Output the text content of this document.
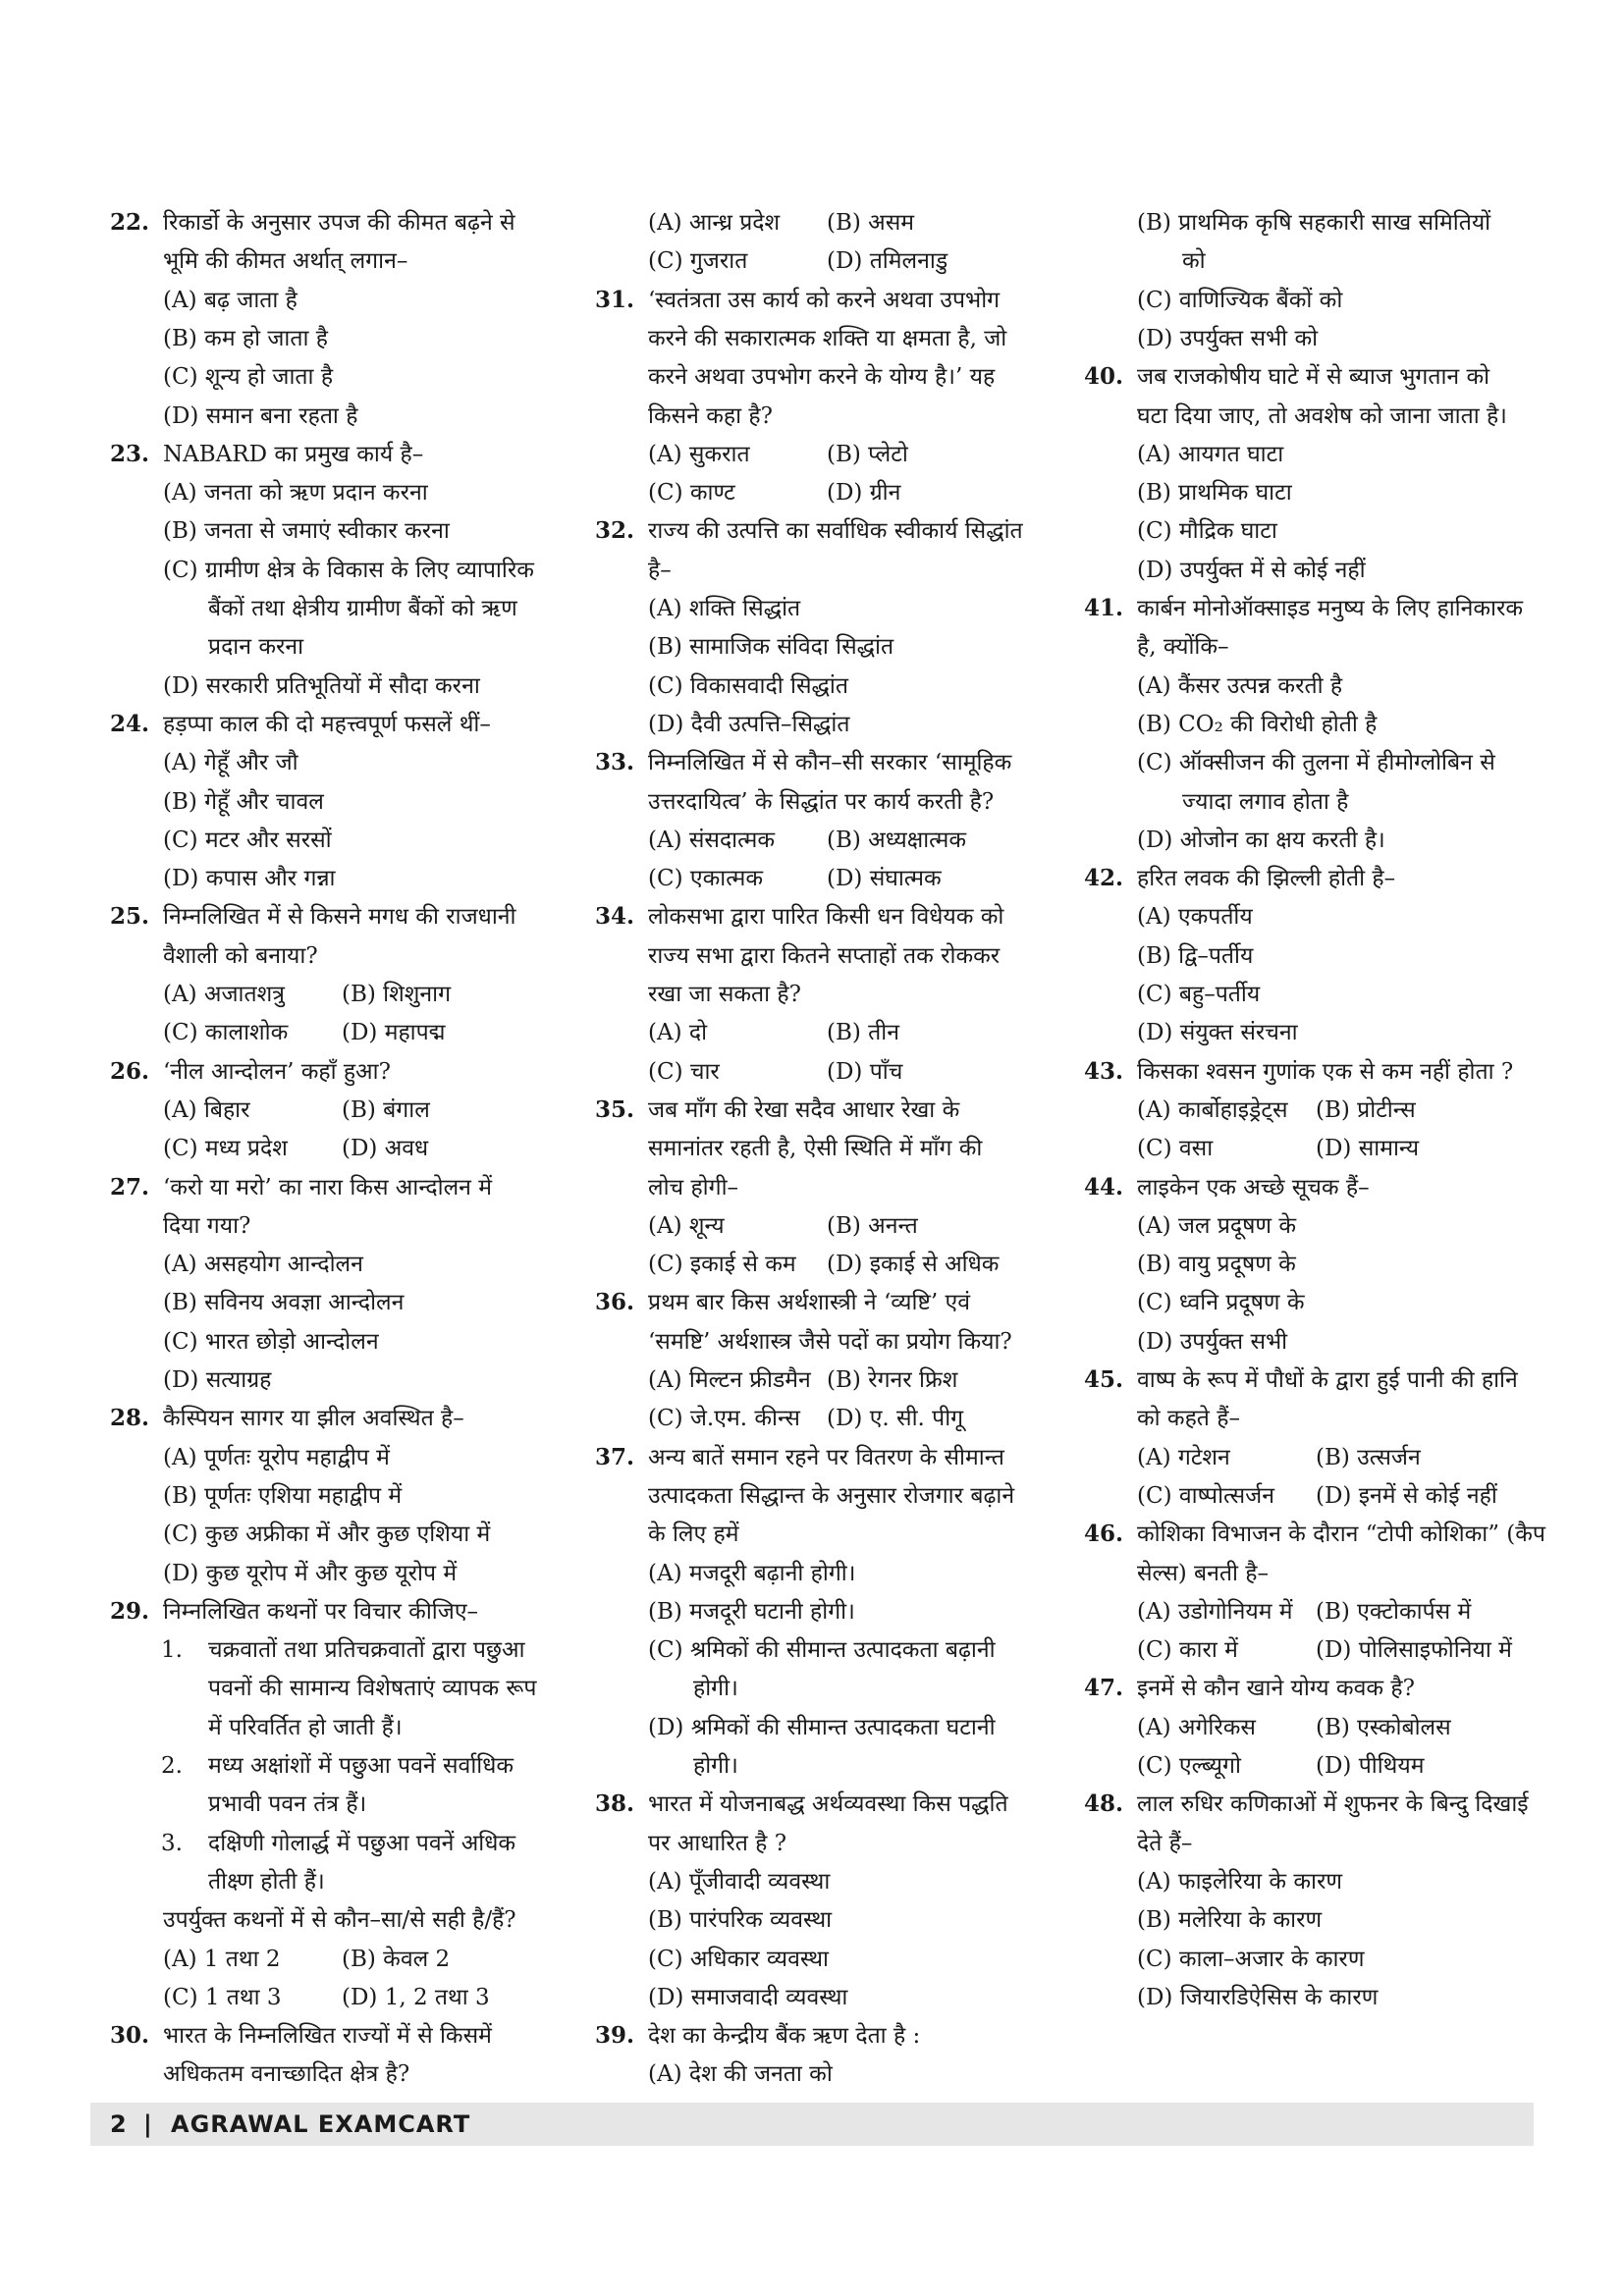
22. रिकार्डो के अनुसार उपज की कीमत बढ़ने से
भूमि की कीमत अर्थात् लगान–
(A) बढ़ जाता है
(B) कम हो जाता है
(C) शून्य हो जाता है
(D) समान बना रहता है
23. NABARD का प्रमुख कार्य है–
(A) जनता को ऋण प्रदान करना
(B) जनता से जमाएं स्वीकार करना
(C) ग्रामीण क्षेत्र के विकास के लिए व्यापारिक
बैंकों तथा क्षेत्रीय ग्रामीण बैंकों को ऋण
प्रदान करना
(D) सरकारी प्रतिभूतियों में सौदा करना
24. हड़प्पा काल की दो महत्त्वपूर्ण फसलें थीं–
(A) गेहूँ और जौ
(B) गेहूँ और चावल
(C) मटर और सरसों
(D) कपास और गन्ना
25. निम्नलिखित में से किसने मगध की राजधानी
वैशाली को बनाया?
(A) अजातशत्रु	(B) शिशुनाग
(C) कालाशोक (D) महापद्म
26. ‘नील आन्दोलन’ कहाँ हुआ?
(A) बिहार	(B) बंगाल
(C) मध्य प्रदेश (D) अवध
27. ‘करो या मरो’ का नारा किस आन्दोलन में
दिया गया?
(A) असहयोग आन्दोलन
(B) सविनय अवज्ञा आन्दोलन
(C) भारत छोड़ो आन्दोलन
(D) सत्याग्रह
28. कैस्पियन सागर या झील अवस्थित है–
(A) पूर्णतः यूरोप महाद्वीप में
(B) पूर्णतः एशिया महाद्वीप में
(C) कुछ अफ्रीका में और कुछ एशिया में
(D) कुछ यूरोप में और कुछ यूरोप में
29. निम्नलिखित कथनों पर विचार कीजिए–
1. चक्रवातों तथा प्रतिचक्रवातों द्वारा पछुआ
पवनों की सामान्य विशेषताएं व्यापक रूप
में परिवर्तित हो जाती हैं।
2. मध्य अक्षांशों में पछुआ पवनें सर्वाधिक
प्रभावी पवन तंत्र हैं।
3. दक्षिणी गोलार्द्ध में पछुआ पवनें अधिक
तीक्ष्ण होती हैं।
उपर्युक्त कथनों में से कौन–सा/से सही है/हैं?
(A) 1 तथा 2	(B) केवल 2
(C) 1 तथा 3	(D) 1, 2 तथा 3
30. भारत के निम्नलिखित राज्यों में से किसमें
अधिकतम वनाच्छादित क्षेत्र है?
(A) आन्ध्र प्रदेश (B) असम
(C) गुजरात	(D) तमिलनाडु
31. ‘स्वतंत्रता उस कार्य को करने अथवा उपभोग
करने की सकारात्मक शक्ति या क्षमता है, जो
करने अथवा उपभोग करने के योग्य है।’ यह
किसने कहा है?
(A) सुकरात	(B) प्लेटो
(C) काण्ट	(D) ग्रीन
32. राज्य की उत्पत्ति का सर्वाधिक स्वीकार्य सिद्धांत
है–
(A) शक्ति सिद्धांत
(B) सामाजिक संविदा सिद्धांत
(C) विकासवादी सिद्धांत
(D) दैवी उत्पत्ति–सिद्धांत
33. निम्नलिखित में से कौन–सी सरकार ‘सामूहिक
उत्तरदायित्व’ के सिद्धांत पर कार्य करती है?
(A) संसदात्मक (B) अध्यक्षात्मक
(C) एकात्मक	(D) संघात्मक
34. लोकसभा द्वारा पारित किसी धन विधेयक को
राज्य सभा द्वारा कितने सप्ताहों तक रोककर
रखा जा सकता है?
(A) दो	(B) तीन
(C) चार	(D) पाँच
35. जब माँग की रेखा सदैव आधार रेखा के
समानांतर रहती है, ऐसी स्थिति में माँग की
लोच होगी–
(A) शून्य	(B) अनन्त
(C) इकाई से कम (D) इकाई से अधिक
36. प्रथम बार किस अर्थशास्त्री ने ‘व्यष्टि’ एवं
‘समष्टि’ अर्थशास्त्र जैसे पदों का प्रयोग किया?
(A) मिल्टन फ्रीडमैन (B) रेगनर फ्रिश
(C) जे.एम. कीन्स (D) ए. सी. पीगू
37. अन्य बातें समान रहने पर वितरण के सीमान्त
उत्पादकता सिद्धान्त के अनुसार रोजगार बढ़ाने
के लिए हमें
(A) मजदूरी बढ़ानी होगी।
(B) मजदूरी घटानी होगी।
(C) श्रमिकों की सीमान्त उत्पादकता बढ़ानी
होगी।
(D) श्रमिकों की सीमान्त उत्पादकता घटानी
होगी।
38. भारत में योजनाबद्ध अर्थव्यवस्था किस पद्धति
पर आधारित है ?
(A) पूँजीवादी व्यवस्था
(B) पारंपरिक व्यवस्था
(C) अधिकार व्यवस्था
(D) समाजवादी व्यवस्था
39. देश का केन्द्रीय बैंक ऋण देता है :
(A) देश की जनता को
(B) प्राथमिक कृषि सहकारी साख समितियों
को
(C) वाणिज्यिक बैंकों को
(D) उपर्युक्त सभी को
40. जब राजकोषीय घाटे में से ब्याज भुगतान को
घटा दिया जाए, तो अवशेष को जाना जाता है।
(A) आयगत घाटा
(B) प्राथमिक घाटा
(C) मौद्रिक घाटा
(D) उपर्युक्त में से कोई नहीं
41. कार्बन मोनोऑक्साइड मनुष्य के लिए हानिकारक
है, क्योंकि–
(A) कैंसर उत्पन्न करती है
(B) CO₂ की विरोधी होती है
(C) ऑक्सीजन की तुलना में हीमोग्लोबिन से
ज्यादा लगाव होता है
(D) ओजोन का क्षय करती है।
42. हरित लवक की झिल्ली होती है–
(A) एकपर्तीय
(B) द्वि–पर्तीय
(C) बहु–पर्तीय
(D) संयुक्त संरचना
43. किसका श्वसन गुणांक एक से कम नहीं होता ?
(A) कार्बोहाइड्रेट्स (B) प्रोटीन्स
(C) वसा	(D) सामान्य
44. लाइकेन एक अच्छे सूचक हैं–
(A) जल प्रदूषण के
(B) वायु प्रदूषण के
(C) ध्वनि प्रदूषण के
(D) उपर्युक्त सभी
45. वाष्प के रूप में पौधों के द्वारा हुई पानी की हानि
को कहते हैं–
(A) गटेशन	(B) उत्सर्जन
(C) वाष्पोत्सर्जन (D) इनमें से कोई नहीं
46. कोशिका विभाजन के दौरान “टोपी कोशिका” (कैप
सेल्स) बनती है–
(A) उडोगोनियम में (B) एक्टोकार्पस में
(C) कारा में	(D) पोलिसाइफोनिया में
47. इनमें से कौन खाने योग्य कवक है?
(A) अगेरिकस	(B) एस्कोबोलस
(C) एल्ब्यूगो	(D) पीथियम
48. लाल रुधिर कणिकाओं में शुफनर के बिन्दु दिखाई
देते हैं–
(A) फाइलेरिया के कारण
(B) मलेरिया के कारण
(C) काला–अजार के कारण
(D) जियारडिऐसिस के कारण
2 | AGRAWAL EXAMCART
